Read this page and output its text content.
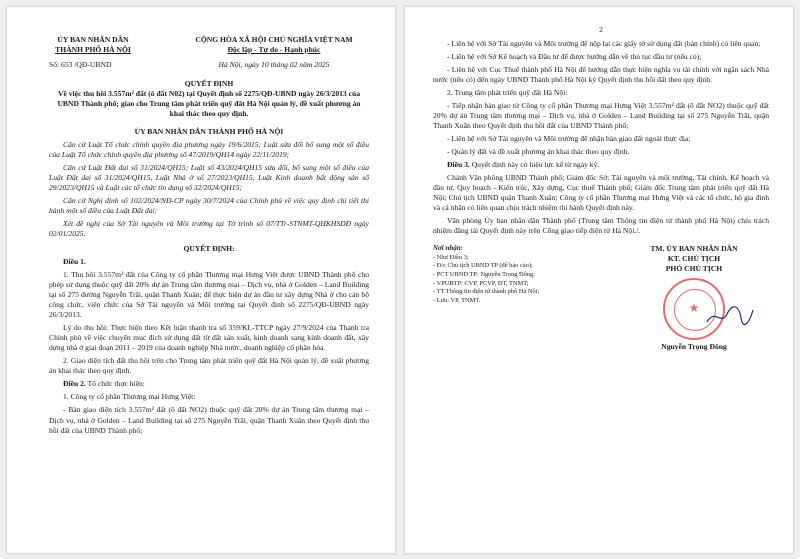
ỦY BAN NHÂN DÂN
THÀNH PHỐ HÀ NỘI
CỘNG HÒA XÃ HỘI CHỦ NGHĨA VIỆT NAM
Độc lập - Tự do - Hạnh phúc
Số: 653 /QĐ-UBND	Hà Nội, ngày 10 tháng 02 năm 2025
QUYẾT ĐỊNH
Về việc thu hồi 3.557m² đất (ô đất N02) tại Quyết định số 2275/QĐ-UBND ngày 26/3/2013 của UBND Thành phố; giao cho Trung tâm phát triển quỹ đất Hà Nội quản lý, đề xuất phương án khai thác theo quy định.
ỦY BAN NHÂN DÂN THÀNH PHỐ HÀ NỘI

Căn cứ Luật Tổ chức chính quyền địa phương ngày 19/6/2015; Luật sửa đổi bổ sung một số điều của Luật Tổ chức chính quyền địa phương số 47/2019/QH14 ngày 22/11/2019;

Căn cứ Luật Đất đai số 31/2024/QH15; Luật số 43/2024/QH15 sửa đổi, bổ sung một số điều của Luật Đất đai số 31/2024/QH15, Luật Nhà ở số 27/2023/QH15, Luật Kinh doanh bất động sản số 29/2023/QH15 và Luật các tổ chức tín dụng số 32/2024/QH15;

Căn cứ Nghị định số 102/2024/NĐ-CP ngày 30/7/2024 của Chính phủ về việc quy định chi tiết thi hành một số điều của Luật Đất đai;

Xét đề nghị của Sở Tài nguyên và Môi trường tại Tờ trình số 07/TTr-STNMT-QHKHSDĐ ngày 02/01/2025.

QUYẾT ĐỊNH:
Điều 1.

1. Thu hồi 3.557m² đất của Công ty cổ phần Thương mại Hưng Việt được UBND Thành phố cho phép sử dụng thuộc quỹ đất 20% dự án Trung tâm thương mại – Dịch vụ, nhà ở Golden – Land Building tại số 275 đường Nguyễn Trãi, quận Thanh Xuân; để thực hiện dự án đầu tư xây dựng Nhà ở cho cán bộ công chức, viên chức của Sở Tài nguyên và Môi trường tại Quyết định số 2275/QĐ-UBND ngày 26/3/2013.

Lý do thu hồi: Thực hiện theo Kết luận thanh tra số 359/KL-TTCP ngày 27/9/2024 của Thanh tra Chính phủ về việc chuyển mục đích sử dụng đất từ đất sản xuất, kinh doanh sang kinh doanh đất, xây dựng nhà ở giai đoạn 2011 – 2019 của doanh nghiệp Nhà nước, doanh nghiệp cổ phần hóa.

2. Giao diện tích đất thu hồi trên cho Trung tâm phát triển quỹ đất Hà Nội quản lý, đề xuất phương án khai thác theo quy định.

Điều 2. Tổ chức thực hiện:

1. Công ty cổ phần Thương mại Hưng Việt:

- Bàn giao diện tích 3.557m² đất (ô đất NO2) thuộc quỹ đất 20% dự án Trung tâm thương mại – Dịch vụ, nhà ở Golden – Land Building tại số 275 Nguyễn Trãi, quận Thanh Xuân theo Quyết định thu hồi đất của UBND Thành phố;

2

- Liên hệ với Sở Tài nguyên và Môi trường để nộp lại các giấy tờ sử dụng đất (bản chính) có liên quan;

- Liên hệ với Sở Kế hoạch và Đầu tư để được hướng dẫn về thủ tục đầu tư (nếu có);

- Liên hệ với Cục Thuế thành phố Hà Nội để hướng dẫn thực hiện nghĩa vụ tài chính với ngân sách Nhà nước (nếu có) đến ngày UBND Thành phố Hà Nội ký Quyết định thu hồi đất theo quy định.

2. Trung tâm phát triển quỹ đất Hà Nội:

- Tiếp nhận bàn giao từ Công ty cổ phần Thương mại Hưng Việt 3.557m² đất (ô đất NO2) thuộc quỹ đất 20% dự án Trung tâm thương mại – Dịch vụ, nhà ở Golden – Land Building tại số 275 Nguyễn Trãi, quận Thanh Xuân theo Quyết định thu hồi đất của UBND Thành phố;

- Liên hệ với Sở Tài nguyên và Môi trường để nhận bàn giao đất ngoài thực địa;

- Quản lý đất và đề xuất phương án khai thác theo quy định.

Điều 3. Quyết định này có hiệu lực kể từ ngày ký.

Chánh Văn phòng UBND Thành phố; Giám đốc Sở: Tài nguyên và môi trường, Tài chính, Kế hoạch và đầu tư, Quy hoạch - Kiến trúc, Xây dựng, Cục thuế Thành phố; Giám đốc Trung tâm phát triển quỹ đất Hà Nội; Chủ tịch UBND quận Thanh Xuân; Công ty cổ phần Thương mại Hưng Việt và các tổ chức, hộ gia đình và cá nhân có liên quan chịu trách nhiệm thi hành Quyết định này.

Văn phòng Ủy ban nhân dân Thành phố (Trung tâm Thông tin điện tử thành phố Hà Nội) chịu trách nhiệm đăng tải Quyết định này trên Cổng giao tiếp điện tử Hà Nội./.

Nơi nhận:
- Như Điều 3;
- Đ/c Chủ tịch UBND TP (để báo cáo);
- PCT UBND TP: Nguyễn Trọng Đông;
- VPUBTP: CVP, PCVP, ĐT, TNMT;
- TT Thông tin điện tử thành phố Hà Nội;
- Lưu: VP, TNMT.
TM. ỦY BAN NHÂN DÂN
KT. CHỦ TỊCH
PHÓ CHỦ TỊCH
★
Nguyễn Trọng Đông
